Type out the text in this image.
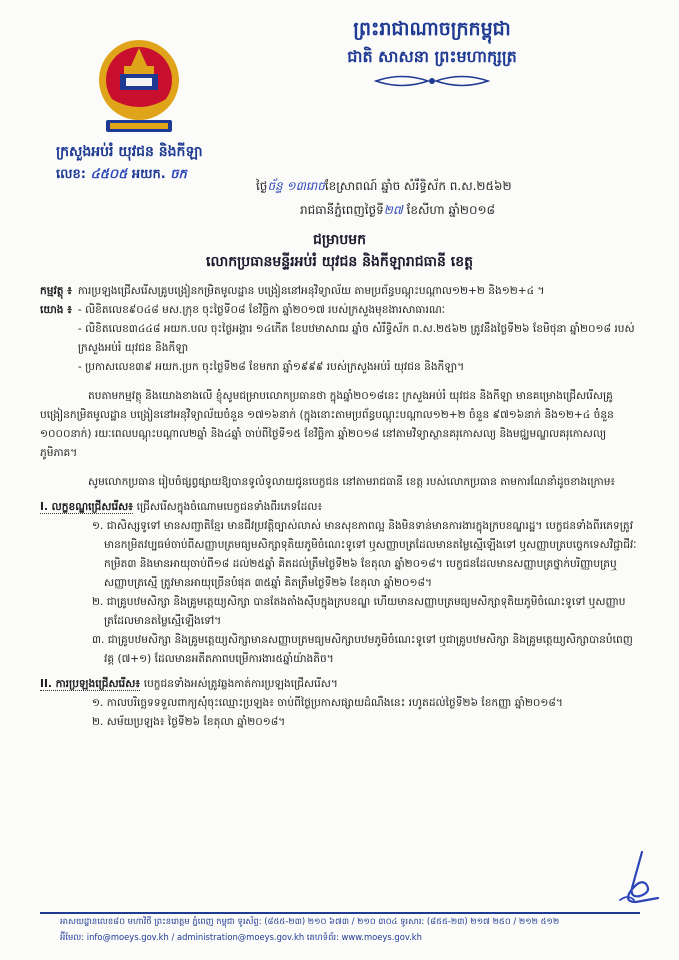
ព្រះរាជាណាចក្រកម្ពុជា
ជាតិ សាសនា ព្រះមហាក្សត្រ
ក្រសួងអប់រំ យុវជន និងកីឡា
លេខ: ៤៥០៥ អយក. ចក
ថ្ងៃច័ន្ទ ១៣រោចខែស្រាពណ៍ ឆ្នាំច សំរឹទ្ធិស័ក ព.ស.២៥៦២
រាជធានីភ្នំពេញថ្ងៃទី២៧ ខែសីហា ឆ្នាំ២០១៨
ជម្រាបមក
លោកប្រធានមន្ទីរអប់រំ យុវជន និងកីឡារាជធានី ខេត្ត
កម្មវត្ថុ ៖ ការប្រឡងជ្រើសរើសគ្រូបង្រៀនកម្រិតមូលដ្ឋាន បង្រៀននៅអនុវិទ្យាល័យ តាមប្រព័ន្ធបណ្តុះបណ្តាល១២+២ និង១២+៤ ។
យោង ៖ - លិខិតលេខ៩០៤៨ មស.ក្រុខ ចុះថ្ងៃទី០៨ ខែវិច្ឆិកា ឆ្នាំ២០១៧ របស់ក្រសួងមុខងារសាធារណៈ
- លិខិតលេខ៣៤៤៨ អយក.បល ចុះថ្ងៃអង្គារ ១៤កើត ខែបឋមាសាឍ ឆ្នាំច សំរឹទ្ធិស័ក ព.ស.២៥៦២ ត្រូវនឹងថ្ងៃទី២៦ ខែមិថុនា ឆ្នាំ២០១៨ របស់ក្រសួងអប់រំ យុវជន និងកីឡា
- ប្រកាសលេខ៣៩ អយក.ប្រក ចុះថ្ងៃទី២៨ ខែមករា ឆ្នាំ១៩៩៩ របស់ក្រសួងអប់រំ យុវជន និងកីឡា។
តបតាមកម្មវត្ថុ និងយោងខាងលើ ខ្ញុំសូមជម្រាបលោកប្រធានថា ក្នុងឆ្នាំ២០១៨នេះ ក្រសួងអប់រំ យុវជន និងកីឡា មានគម្រោងជ្រើសរើសគ្រូបង្រៀនកម្រិតមូលដ្ឋាន បង្រៀននៅអនុវិទ្យាល័យចំនួន ១៧១៦នាក់ (ក្នុងនោះតាមប្រព័ន្ធបណ្តុះបណ្តាល១២+២ ចំនួន ៩៧១៦នាក់ និង១២+៤ ចំនួន ១០០០នាក់) រយៈពេលបណ្តុះបណ្តាល២ឆ្នាំ និង៤ឆ្នាំ ចាប់ពីថ្ងៃទី១៥ ខែវិច្ឆិកា ឆ្នាំ២០១៨ នៅតាមវិទ្យាស្ថានគរុកោសល្យ និងមជ្ឈមណ្ឌលគរុកោសល្យភូមិភាគ។
សូមលោកប្រធាន រៀបចំផ្សព្វផ្សាយឱ្យបានទូលំទូលាយជូនបេក្ខជន នៅតាមរាជធានី ខេត្ត របស់លោកប្រធាន តាមការណែនាំដូចខាងក្រោម៖
I. លក្ខខណ្ឌជ្រើសរើស៖ ជ្រើសរើសក្នុងចំណោមបេក្ខជនទាំងពីរភេទដែល៖
១. ជាសិស្សទូទៅ មានសញ្ជាតិខ្មែរ មានជីវប្រវត្តិច្បាស់លាស់ មានសុខភាពល្អ និងមិនទាន់មានការងារក្នុងក្របខណ្ឌរដ្ឋ។ បេក្ខជនទាំងពីរភេទត្រូវមានកម្រិតវប្បធម៌ចាប់ពីសញ្ញាបត្រមធ្យមសិក្សាទុតិយភូមិចំណេះទូទៅ ឬសញ្ញាបត្រដែលមានតម្លៃស្មើឡើងទៅ ឬសញ្ញាបត្របច្ចេកទេសវិជ្ជាជីវៈកម្រិត៣ និងមានអាយុចាប់ពី១៨ ដល់២៥ឆ្នាំ គិតដល់ត្រឹមថ្ងៃទី២៦ ខែតុលា ឆ្នាំ២០១៨។ បេក្ខជនដែលមានសញ្ញាបត្រថ្នាក់បរិញ្ញាបត្រឬសញ្ញាបត្រស្មើ ត្រូវមានអាយុច្រើនបំផុត ៣៥ឆ្នាំ គិតត្រឹមថ្ងៃទី២៦ ខែតុលា ឆ្នាំ២០១៨។
២. ជាគ្រូបឋមសិក្សា និងគ្រូមត្តេយ្យសិក្សា បានតែងតាំងស៊ីបក្នុងក្របខណ្ឌ ហើយមានសញ្ញាបត្រមធ្យមសិក្សាទុតិយភូមិចំណេះទូទៅ ឬសញ្ញាបត្រដែលមានតម្លៃស្មើឡើងទៅ។
៣. ជាគ្រូបឋមសិក្សា និងគ្រូមត្តេយ្យសិក្សាមានសញ្ញាបត្រមធ្យមសិក្សាបឋមភូមិចំណេះទូទៅ ឬជាគ្រូបឋមសិក្សា និងគ្រូមត្តេយ្យសិក្សាបានបំពេញវគ្គ (៧+១) ដែលមានអតីតភាពបម្រើការងារ៥ឆ្នាំយ៉ាងតិច។
II. ការប្រឡងជ្រើសរើស៖ បេក្ខជនទាំងអស់ត្រូវឆ្លងកាត់ការប្រឡងជ្រើសរើស។
១. កាលបរិច្ឆេទទទួលពាក្យសុំចុះឈ្មោះប្រឡង៖ ចាប់ពីថ្ងៃប្រកាសផ្សាយដំណឹងនេះ រហូតដល់ថ្ងៃទី២៦ ខែកញ្ញា ឆ្នាំ២០១៨។
២. សម័យប្រឡង៖ ថ្ងៃទី២៦ ខែតុលា ឆ្នាំ២០១៨។
អាសយដ្ឋានលេខ៨០ មហាវិថី ព្រះនរោត្តម ភ្នំពេញ កម្ពុជា ទូរស័ព្ទ: (៨៥៥-២៣) ២១០ ៦៧៣ / ២១០ ៣០៤ ទូរសារ: (៨៥៥-២៣) ២១៧ ២៥០ / ២១២ ៥១២
អ៊ីមែល: info@moeys.gov.kh / administration@moeys.gov.kh គេហទំព័រ: www.moeys.gov.kh
